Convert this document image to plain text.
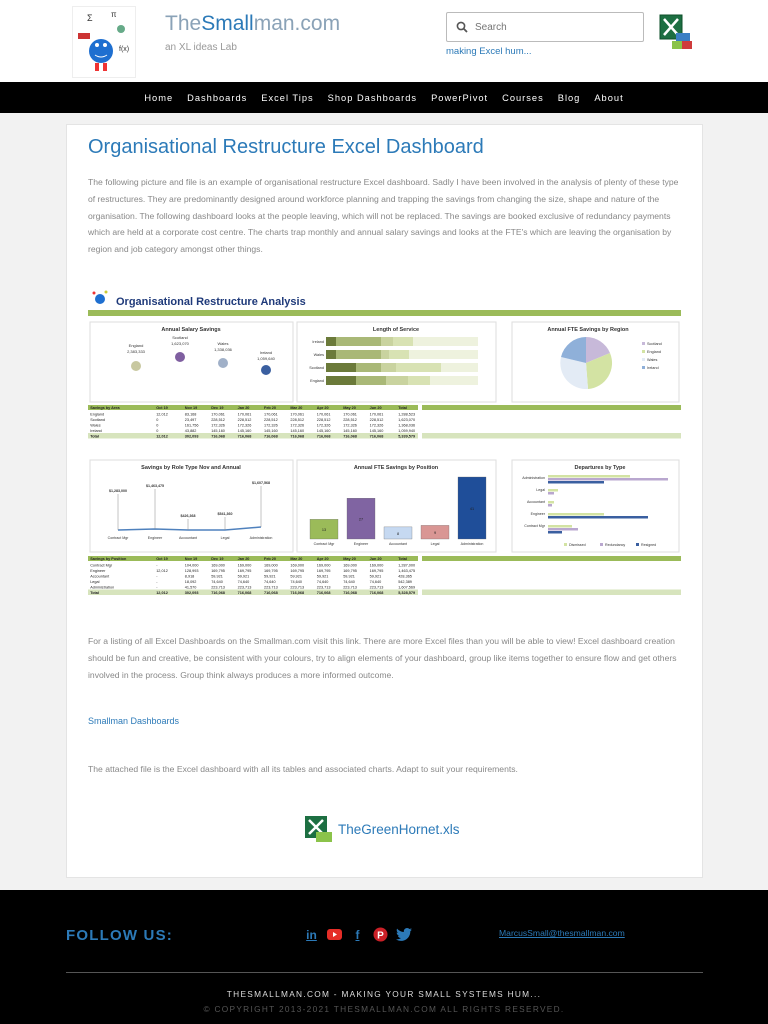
Σ π
f(x)
TheSmallman.com
an XL ideas Lab
Search	making Excel hum...
Home	Dashboards	Excel Tips	Shop Dashboards	PowerPivot	Courses	Blog	About
Organisational Restructure Excel Dashboard

The following picture and file is an example of organisational restructure Excel dashboard. Sadly I have been involved in the analysis of plenty of these type of restructures. They are predominantly designed around workforce planning and trapping the savings from changing the size, shape and nature of the organisation. The following dashboard looks at the people leaving, which will not be replaced. The savings are booked exclusive of redundancy payments which are held at a corporate cost centre. The charts trap monthly and annual salary savings and looks at the FTE's which are leaving the organisation by region and job category amongst other things.

Organisational Restructure Analysis
Annual Salary Savings
England
2,383,333
Scotland
1,623,070	Wales
1,338,036
Ireland
1,059,640
Length of Service
Ireland
Wales
Scotland
England
Annual FTE Savings by Region
Scotland
England
Wales
Ireland
Savings by Area	Oct 19	Nov 19	Dec 19	Jan 20	Feb 20	Mar 20	Apr 20	May 20	Jun 20	Total
England	12,012	83,168	170,061	170,061	170,061	170,061	170,061	170,061	170,061	1,288,523
Scotland	0	23,497	228,512	228,512	228,512	228,512	228,512	228,512	228,512	1,623,070
Wales	0	161,756	172,326	172,326	172,326	172,326	172,326	172,326	172,326	1,368,036
Ireland	0	43,882	145,160	145,160	145,160	145,160	145,160	145,160	145,160	1,059,940
Total	12,012	302,093	716,068	716,068	716,068	716,068	716,068	716,068	716,068	5,339,579
Savings by Role Type Nov and Annual
Contract Mgr	Engineer	Accountant	Legal	Administration
$1,283,000
$1,463,475
$426,368	$541,360
$1,607,568
Annual FTE Savings by Position
13
Contract Mgr
27
Engineer
8
Accountant
9
Legal
41
Administration
Departures by Type
Administration
Legal
Accountant
Engineer
Contract Mgr
Dismissed	Redundancy	Resigned
Savings by Position	Oct 19	Nov 19	Dec 19	Jan 20	Feb 20	Mar 20	Apr 20	May 20	Jun 20	Total
Contract Mgr	-	104,000	169,000	169,000	169,000	169,000	169,000	169,000	169,000	1,287,000
Engineer	12,012	128,993	169,795	169,795	169,795	169,795	169,795	169,795	169,795	1,463,475
Accountant	-	8,918	59,921	59,921	59,921	59,921	59,921	59,921	59,921	428,365
Legal	-	18,092	74,640	74,640	74,640	74,640	74,640	74,640	74,640	542,389
Administration	-	41,570	223,713	223,713	223,713	223,713	223,713	223,713	223,713	1,607,569
Total	12,012	302,093	716,068	716,068	716,068	716,068	716,068	716,068	716,068	5,328,579

For a listing of all Excel Dashboards on the Smallman.com visit this link. There are more Excel files than you will be able to view! Excel dashboard creation should be fun and creative, be consistent with your colours, try to align elements of your dashboard, group like items together to ensure flow and get others involved in the process. Group think always produces a more informed outcome.

Smallman Dashboards

The attached file is the Excel dashboard with all its tables and associated charts. Adapt to suit your requirements.

TheGreenHornet.xls
FOLLOW US:	in	f	P	MarcusSmall@thesmallman.com
THESMALLMAN.COM - MAKING YOUR SMALL SYSTEMS HUM...
© COPYRIGHT 2013-2021 THESMALLMAN.COM ALL RIGHTS RESERVED.
